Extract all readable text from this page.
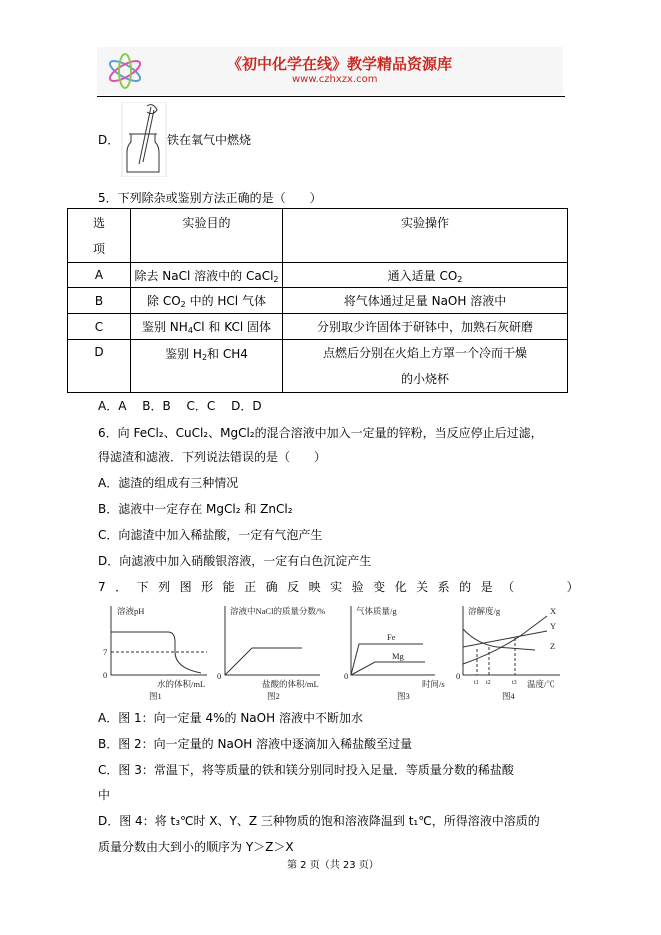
《初中化学在线》教学精品资源库
www.czhxzx.com
D．	铁在氧气中燃烧
5．下列除杂或鉴别方法正确的是（　　）
选
项	实验目的	实验操作
A	除去 NaCl 溶液中的 CaCl$_2$	通入适量 $CO_2$
B	除 $CO_2$ 中的 HCl 气体	将气体通过足量 NaOH 溶液中
C	鉴别 $NH_4Cl$ 和 KCl 固体	分别取少许固体于研钵中，加熟石灰研磨
D	鉴别 $H_2$和 CH4	点燃后分别在火焰上方罩一个冷而干燥的小烧杯
A．A　 B．B　 C．C　 D．D
6．向 FeCl₂、CuCl₂、MgCl₂的混合溶液中加入一定量的锌粉，当反应停止后过滤，
得滤渣和滤液．下列说法错误的是（　　）
A．滤渣的组成有三种情况
B．滤液中一定存在 MgCl₂ 和 ZnCl₂
C．向滤渣中加入稀盐酸，一定有气泡产生
D．向滤液中加入硝酸银溶液，一定有白色沉淀产生
7．下列图形能正确反映实验变化关系的是（　　）
溶液pH
7
0
水的体积/mL
图1
溶液中NaCl的质量分数/%
0
盐酸的体积/mL
图2
气体质量/g
0
Fe
Mg
时间/s
图3
溶解度/g
0
X
Y
Z
t1 t2	t3 温度/℃
图4
A．图 1：向一定量 4%的 NaOH 溶液中不断加水
B．图 2：向一定量的 NaOH 溶液中逐滴加入稀盐酸至过量
C．图 3：常温下，将等质量的铁和镁分别同时投入足量．等质量分数的稀盐酸
中
D．图 4：将 t₃℃时 X、Y、Z 三种物质的饱和溶液降温到 t₁℃，所得溶液中溶质的
质量分数由大到小的顺序为 Y＞Z＞X
第 2 页（共 23 页）
